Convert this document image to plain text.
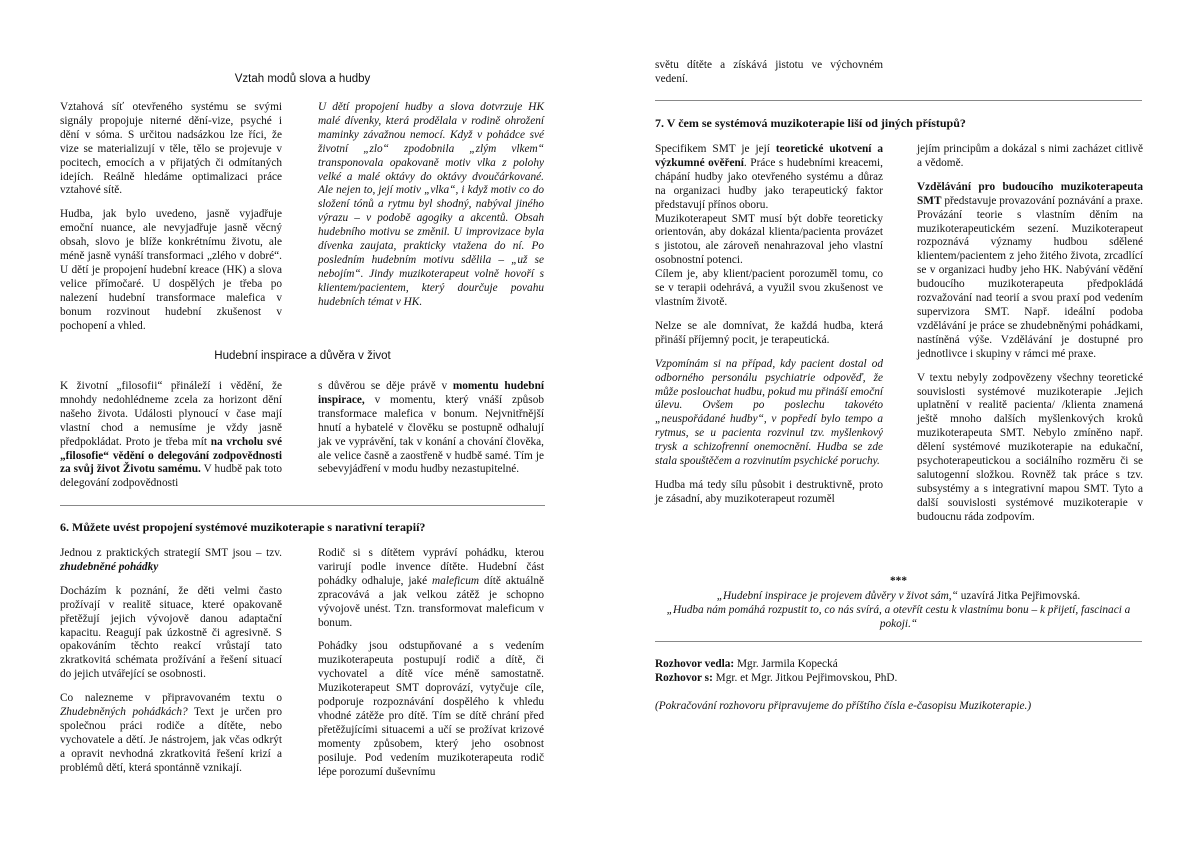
Vztah modů slova a hudby
Vztahová síť otevřeného systému se svými signály propojuje niterné dění-vize, psyché i dění v sóma. S určitou nadsázkou lze říci, že vize se materializují v těle, tělo se projevuje v pocitech, emocích a v přijatých či odmítaných idejích. Reálně hledáme optimalizaci práce vztahové sítě.
Hudba, jak bylo uvedeno, jasně vyjadřuje emoční nuance, ale nevyjadřuje jasně věcný obsah, slovo je blíže konkrétnímu životu, ale méně jasně vynáší transformaci „zlého v dobré“. U dětí je propojení hudební kreace (HK) a slova velice přímočaré. U dospělých je třeba po nalezení hudební transformace malefica v bonum rozvinout hudební zkušenost v pochopení a vhled.
U dětí propojení hudby a slova dotvrzuje HK malé dívenky, která prodělala v rodině ohrožení maminky závažnou nemocí. Když v pohádce své životní „zlo“ zpodobnila „zlým vlkem“ transponovala opakovaně motiv vlka z polohy velké a malé oktávy do oktávy dvoučárkované. Ale nejen to, její motiv „vlka“, i když motiv co do složení tónů a rytmu byl shodný, nabýval jiného výrazu – v podobě agogiky a akcentů. Obsah hudebního motivu se změnil. U improvizace byla dívenka zaujata, prakticky vtažena do ní. Po posledním hudebním motivu sdělila – „už se nebojím“. Jindy muzikoterapeut volně hovoří s klientem/pacientem, který dourčuje povahu hudebních témat v HK.
Hudební inspirace a důvěra v život
K životní „filosofii“ přináleží i vědění, že mnohdy nedohlédneme zcela za horizont dění našeho života. Události plynoucí v čase mají vlastní chod a nemusíme je vždy jasně předpokládat. Proto je třeba mít na vrcholu své „filosofie“ vědění o delegování zodpovědnosti za svůj život Životu samému. V hudbě pak toto delegování zodpovědnosti
s důvěrou se děje právě v momentu hudební inspirace, v momentu, který vnáší způsob transformace malefica v bonum. Nejvnitřnější hnutí a hybatelé v člověku se postupně odhalují jak ve vyprávění, tak v konání a chování člověka, ale velice časně a zaostřeně v hudbě samé. Tím je sebevyjádření v modu hudby nezastupitelné.
6. Můžete uvést propojení systémové muzikoterapie s narativní terapií?
Jednou z praktických strategií SMT jsou – tzv. zhudebněné pohádky
Docházím k poznání, že děti velmi často prožívají v realitě situace, které opakovaně přetěžují jejich vývojově danou adaptační kapacitu. Reagují pak úzkostně či agresivně. S opakováním těchto reakcí vrůstají tato zkratkovitá schémata prožívání a řešení situací do jejich utvářející se osobnosti.
Co nalezneme v připravovaném textu o Zhudebněných pohádkách? Text je určen pro společnou práci rodiče a dítěte, nebo vychovatele a dětí. Je nástrojem, jak včas odkrýt a opravit nevhodná zkratkovitá řešení krizí a problémů dětí, která spontánně vznikají.
Rodič si s dítětem vypráví pohádku, kterou varirují podle invence dítěte. Hudební část pohádky odhaluje, jaké maleficum dítě aktuálně zpracovává a jak velkou zátěž je schopno vývojově unést. Tzn. transformovat maleficum v bonum.
Pohádky jsou odstupňované a s vedením muzikoterapeuta postupují rodič a dítě, či vychovatel a dítě více méně samostatně. Muzikoterapeut SMT doprovází, vytyčuje cíle, podporuje rozpoznávání dospělého k vhledu vhodné zátěže pro dítě. Tím se dítě chrání před přetěžujícími situacemi a učí se prožívat krizové momenty způsobem, který jeho osobnost posiluje. Pod vedením muzikoterapeuta rodič lépe porozumí duševnímu
světu dítěte a získává jistotu ve výchovném vedení.
7. V čem se systémová muzikoterapie liší od jiných přístupů?
Specifikem SMT je její teoretické ukotvení a výzkumné ověření. Práce s hudebními kreacemi, chápání hudby jako otevřeného systému a důraz na organizaci hudby jako terapeutický faktor představují přínos oboru.
Muzikoterapeut SMT musí být dobře teoreticky orientován, aby dokázal klienta/pacienta provázet s jistotou, ale zároveň nenahrazoval jeho vlastní osobnostní potenci.
Cílem je, aby klient/pacient porozuměl tomu, co se v terapii odehrává, a využil svou zkušenost ve vlastním životě.
Nelze se ale domnívat, že každá hudba, která přináší příjemný pocit, je terapeutická.
Vzpomínám si na případ, kdy pacient dostal od odborného personálu psychiatrie odpověď, že může poslouchat hudbu, pokud mu přináší emoční úlevu. Ovšem po poslechu takovéto „neuspořádané hudby“, v popředí bylo tempo a rytmus, se u pacienta rozvinul tzv. myšlenkový trysk a schizofrenní onemocnění. Hudba se zde stala spouštěčem a rozvinutím psychické poruchy.
Hudba má tedy sílu působit i destruktivně, proto je zásadní, aby muzikoterapeut rozuměl
jejím principům a dokázal s nimi zacházet citlivě a vědomě.
Vzdělávání pro budoucího muzikoterapeuta SMT představuje provazování poznávání a praxe. Provázání teorie s vlastním děním na muzikoterapeutickém sezení. Muzikoterapeut rozpoznává významy hudbou sdělené klientem/pacientem z jeho žitého života, zrcadlící se v organizaci hudby jeho HK. Nabývání vědění budoucího muzikoterapeuta předpokládá rozvažování nad teorií a svou praxí pod vedením supervizora SMT. Např. ideální podoba vzdělávání je práce se zhudebněnými pohádkami, nastíněná výše. Vzdělávání je dostupné pro jednotlivce i skupiny v rámci mé praxe.
V textu nebyly zodpovězeny všechny teoretické souvislosti systémové muzikoterapie .Jejich uplatnění v realitě pacienta/ /klienta znamená ještě mnoho dalších myšlenkových kroků muzikoterapeuta SMT. Nebylo zmíněno např. dělení systémové muzikoterapie na edukační, psychoterapeutickou a sociálního rozměru či se salutogenní složkou. Rovněž tak práce s tzv. subsystémy a s integrativní mapou SMT. Tyto a další souvislosti systémové muzikoterapie v budoucnu ráda zodpovím.
***
„Hudební inspirace je projevem důvěry v život sám,“ uzavírá Jitka Pejřimovská.
„Hudba nám pomáhá rozpustit to, co nás svírá, a otevřít cestu k vlastnímu bonu – k přijetí, fascinaci a pokoji.“
Rozhovor vedla: Mgr. Jarmila Kopecká
Rozhovor s: Mgr. et Mgr. Jitkou Pejřimovskou, PhD.
(Pokračování rozhovoru připravujeme do příštího čísla e-časopisu Muzikoterapie.)
